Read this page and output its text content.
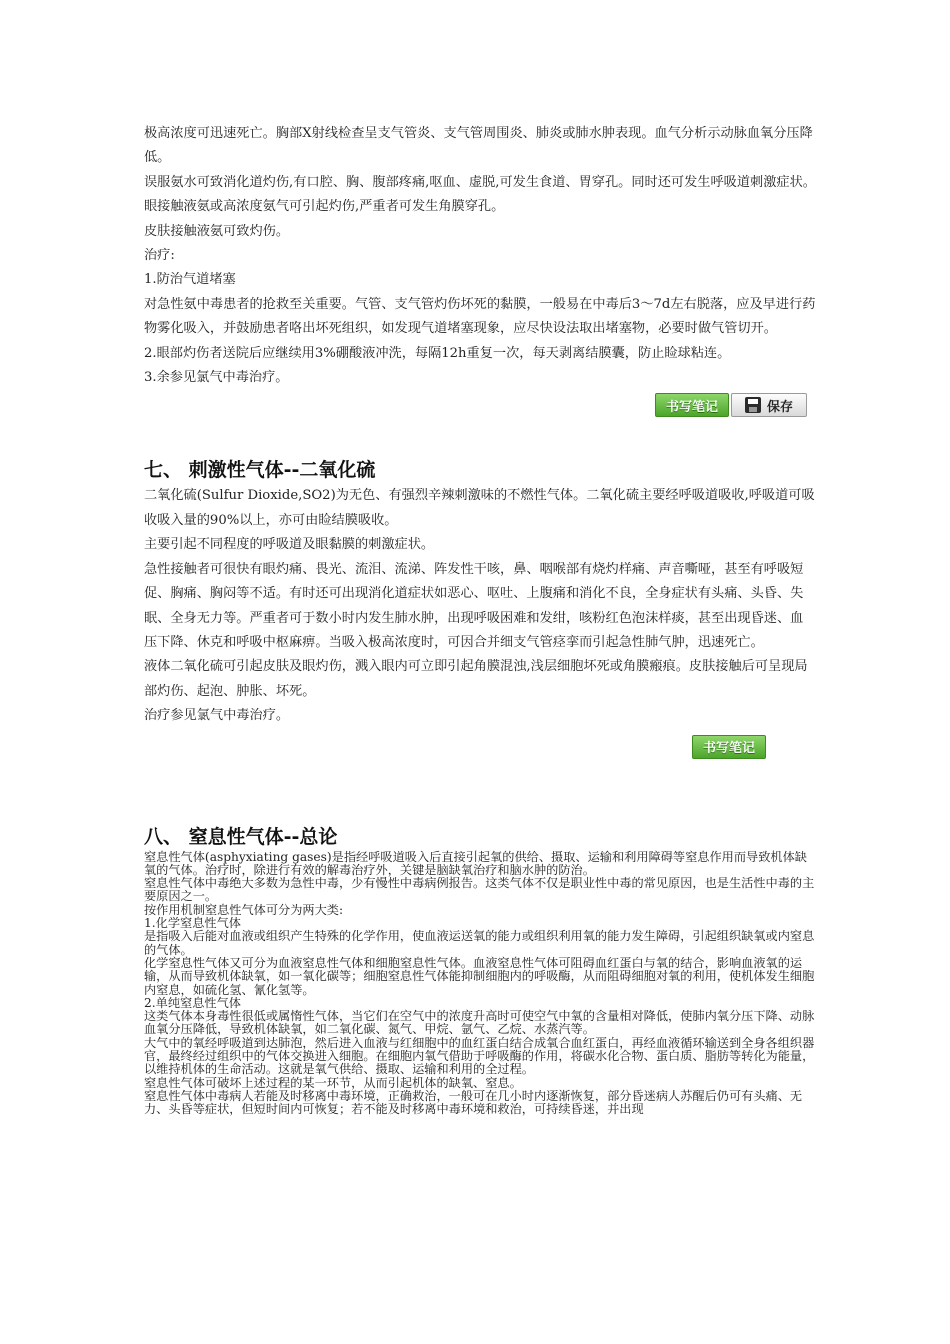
极高浓度可迅速死亡。胸部X射线检查呈支气管炎、支气管周围炎、肺炎或肺水肿表现。血气分析示动脉血氧分压降低。

误服氨水可致消化道灼伤,有口腔、胸、腹部疼痛,呕血、虚脱,可发生食道、胃穿孔。同时还可发生呼吸道刺激症状。

眼接触液氨或高浓度氨气可引起灼伤,严重者可发生角膜穿孔。

皮肤接触液氨可致灼伤。

治疗:

1.防治气道堵塞

对急性氨中毒患者的抢救至关重要。气管、支气管灼伤坏死的黏膜，一般易在中毒后3～7d左右脱落，应及早进行药物雾化吸入，并鼓励患者咯出坏死组织，如发现气道堵塞现象，应尽快设法取出堵塞物，必要时做气管切开。

2.眼部灼伤者送院后应继续用3%硼酸液冲洗，每隔12h重复一次，每天剥离结膜囊，防止睑球粘连。

3.余参见氯气中毒治疗。

书写笔记	保存
七、 刺激性气体--二氧化硫

二氧化硫(Sulfur Dioxide,SO2)为无色、有强烈辛辣刺激味的不燃性气体。二氧化硫主要经呼吸道吸收,呼吸道可吸收吸入量的90%以上，亦可由睑结膜吸收。

主要引起不同程度的呼吸道及眼黏膜的刺激症状。

急性接触者可很快有眼灼痛、畏光、流泪、流涕、阵发性干咳，鼻、咽喉部有烧灼样痛、声音嘶哑，甚至有呼吸短促、胸痛、胸闷等不适。有时还可出现消化道症状如恶心、呕吐、上腹痛和消化不良，全身症状有头痛、头昏、失眠、全身无力等。严重者可于数小时内发生肺水肿，出现呼吸困难和发绀，咳粉红色泡沫样痰，甚至出现昏迷、血压下降、休克和呼吸中枢麻痹。当吸入极高浓度时，可因合并细支气管痉挛而引起急性肺气肿，迅速死亡。

液体二氧化硫可引起皮肤及眼灼伤，溅入眼内可立即引起角膜混浊,浅层细胞坏死或角膜瘢痕。皮肤接触后可呈现局部灼伤、起泡、肿胀、坏死。

治疗参见氯气中毒治疗。

书写笔记
八、 窒息性气体--总论

窒息性气体(asphyxiating gases)是指经呼吸道吸入后直接引起氧的供给、摄取、运输和利用障碍等窒息作用而导致机体缺氧的气体。治疗时，除进行有效的解毒治疗外，关键是脑缺氧治疗和脑水肿的防治。

窒息性气体中毒绝大多数为急性中毒，少有慢性中毒病例报告。这类气体不仅是职业性中毒的常见原因，也是生活性中毒的主要原因之一。

按作用机制窒息性气体可分为两大类:

1.化学窒息性气体

是指吸入后能对血液或组织产生特殊的化学作用，使血液运送氧的能力或组织利用氧的能力发生障碍，引起组织缺氧或内窒息的气体。

化学窒息性气体又可分为血液窒息性气体和细胞窒息性气体。血液窒息性气体可阻碍血红蛋白与氧的结合，影响血液氧的运输，从而导致机体缺氧，如一氧化碳等；细胞窒息性气体能抑制细胞内的呼吸酶，从而阻碍细胞对氧的利用，使机体发生细胞内窒息，如硫化氢、氰化氢等。

2.单纯窒息性气体

这类气体本身毒性很低或属惰性气体，当它们在空气中的浓度升高时可使空气中氧的含量相对降低，使肺内氧分压下降、动脉血氧分压降低，导致机体缺氧，如二氧化碳、氮气、甲烷、氩气、乙烷、水蒸汽等。

大气中的氧经呼吸道到达肺泡，然后进入血液与红细胞中的血红蛋白结合成氧合血红蛋白，再经血液循环输送到全身各组织器官，最终经过组织中的气体交换进入细胞。在细胞内氧气借助于呼吸酶的作用，将碳水化合物、蛋白质、脂肪等转化为能量，以维持机体的生命活动。这就是氧气供给、摄取、运输和利用的全过程。

窒息性气体可破坏上述过程的某一环节，从而引起机体的缺氧、窒息。

窒息性气体中毒病人若能及时移离中毒环境，正确救治，一般可在几小时内逐渐恢复，部分昏迷病人苏醒后仍可有头痛、无力、头昏等症状，但短时间内可恢复；若不能及时移离中毒环境和救治，可持续昏迷，并出现
